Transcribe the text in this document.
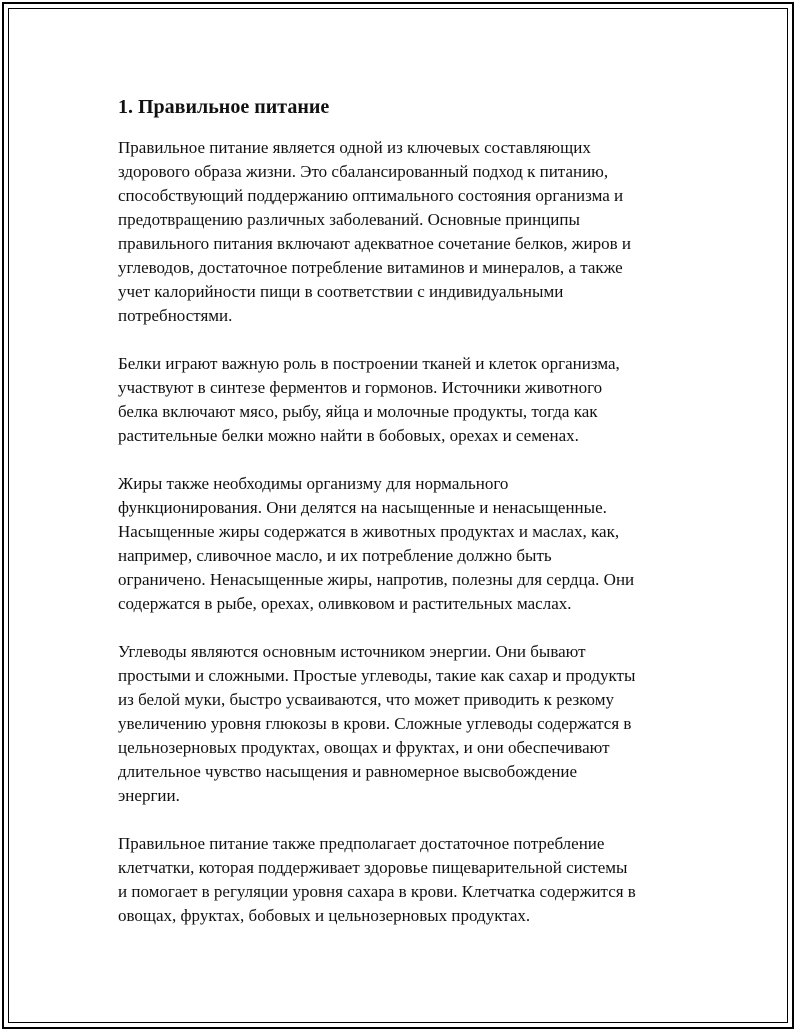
1. Правильное питание

Правильное питание является одной из ключевых составляющих
здорового образа жизни. Это сбалансированный подход к питанию,
способствующий поддержанию оптимального состояния организма и
предотвращению различных заболеваний. Основные принципы
правильного питания включают адекватное сочетание белков, жиров и
углеводов, достаточное потребление витаминов и минералов, а также
учет калорийности пищи в соответствии с индивидуальными
потребностями.

Белки играют важную роль в построении тканей и клеток организма,
участвуют в синтезе ферментов и гормонов. Источники животного
белка включают мясо, рыбу, яйца и молочные продукты, тогда как
растительные белки можно найти в бобовых, орехах и семенах.

Жиры также необходимы организму для нормального
функционирования. Они делятся на насыщенные и ненасыщенные.
Насыщенные жиры содержатся в животных продуктах и маслах, как,
например, сливочное масло, и их потребление должно быть
ограничено. Ненасыщенные жиры, напротив, полезны для сердца. Они
содержатся в рыбе, орехах, оливковом и растительных маслах.

Углеводы являются основным источником энергии. Они бывают
простыми и сложными. Простые углеводы, такие как сахар и продукты
из белой муки, быстро усваиваются, что может приводить к резкому
увеличению уровня глюкозы в крови. Сложные углеводы содержатся в
цельнозерновых продуктах, овощах и фруктах, и они обеспечивают
длительное чувство насыщения и равномерное высвобождение
энергии.

Правильное питание также предполагает достаточное потребление
клетчатки, которая поддерживает здоровье пищеварительной системы
и помогает в регуляции уровня сахара в крови. Клетчатка содержится в
овощах, фруктах, бобовых и цельнозерновых продуктах.
